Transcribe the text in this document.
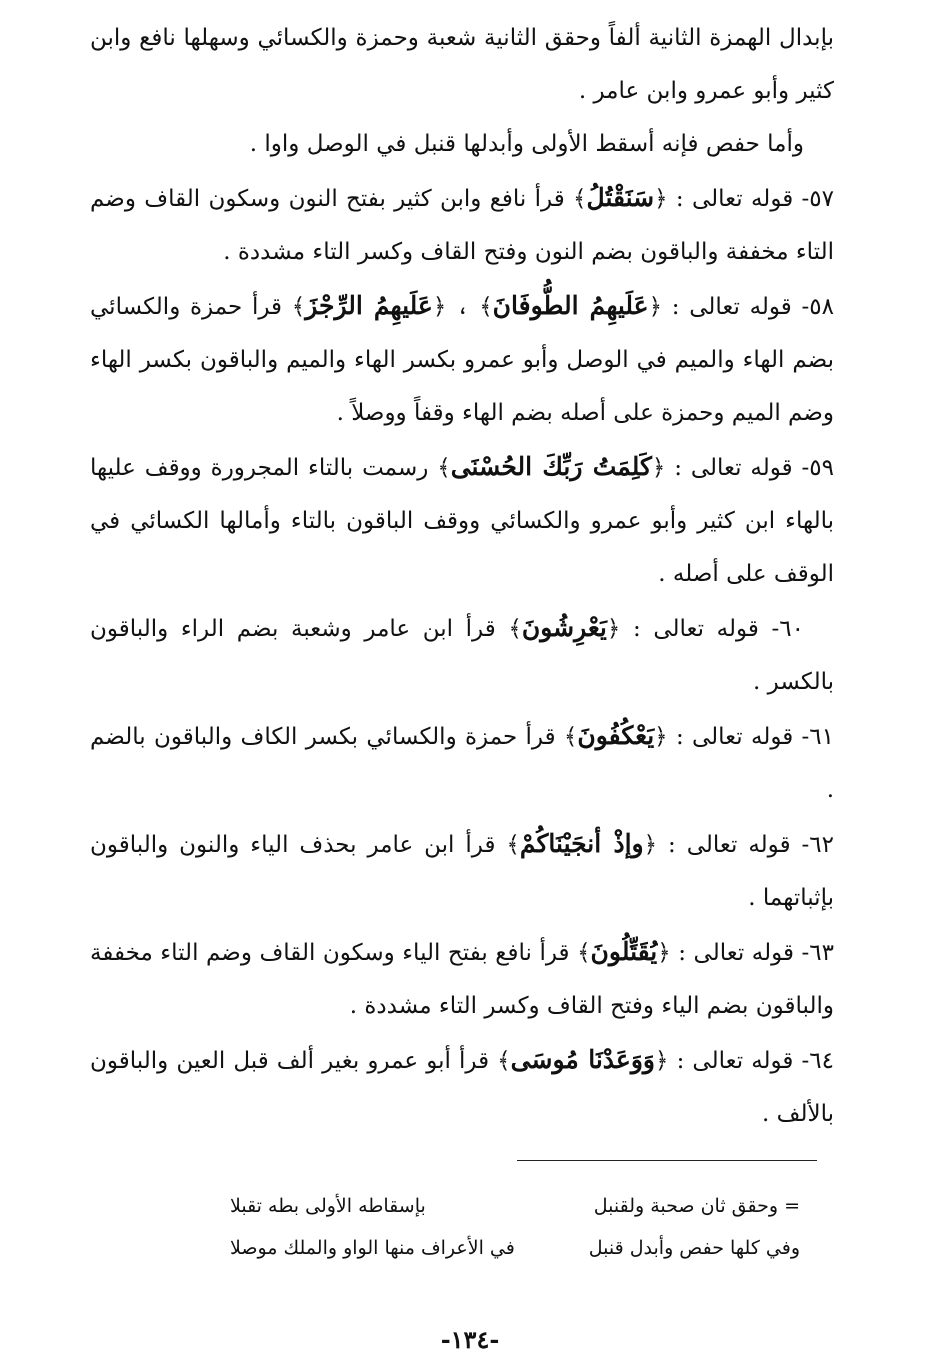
بإبدال الهمزة الثانية ألفاً وحقق الثانية شعبة وحمزة والكسائي وسهلها نافع وابن كثير وأبو عمرو وابن عامر .

وأما حفص فإنه أسقط الأولى وأبدلها قنبل في الوصل واوا .

٥٧- قوله تعالى : ﴿سَنَقْتُلُ﴾ قرأ نافع وابن كثير بفتح النون وسكون القاف وضم التاء مخففة والباقون بضم النون وفتح القاف وكسر التاء مشددة .

٥٨- قوله تعالى : ﴿عَلَيهِمُ الطُّوفَانَ﴾ ، ﴿عَلَيهِمُ الرِّجْزَ﴾ قرأ حمزة والكسائي بضم الهاء والميم في الوصل وأبو عمرو بكسر الهاء والميم والباقون بكسر الهاء وضم الميم وحمزة على أصله بضم الهاء وقفاً ووصلاً .

٥٩- قوله تعالى : ﴿كَلِمَتُ رَبِّكَ الحُسْنَى﴾ رسمت بالتاء المجرورة ووقف عليها بالهاء ابن كثير وأبو عمرو والكسائي ووقف الباقون بالتاء وأمالها الكسائي في الوقف على أصله .

٦٠- قوله تعالى : ﴿يَعْرِشُونَ﴾ قرأ ابن عامر وشعبة بضم الراء والباقون بالكسر .

٦١- قوله تعالى : ﴿يَعْكُفُونَ﴾ قرأ حمزة والكسائي بكسر الكاف والباقون بالضم .

٦٢- قوله تعالى : ﴿وإذْ أنجَيْنَاكُمْ﴾ قرأ ابن عامر بحذف الياء والنون والباقون بإثباتهما .

٦٣- قوله تعالى : ﴿يُقَتِّلُونَ﴾ قرأ نافع بفتح الياء وسكون القاف وضم التاء مخففة والباقون بضم الياء وفتح القاف وكسر التاء مشددة .

٦٤- قوله تعالى : ﴿وَوَعَدْنَا مُوسَى﴾ قرأ أبو عمرو بغير ألف قبل العين والباقون بالألف .

= وحقق ثان صحبة ولقنبل
بإسقاطه الأولى بطه تقبلا
وفي كلها حفص وأبدل قنبل
في الأعراف منها الواو والملك موصلا
-١٣٤-
